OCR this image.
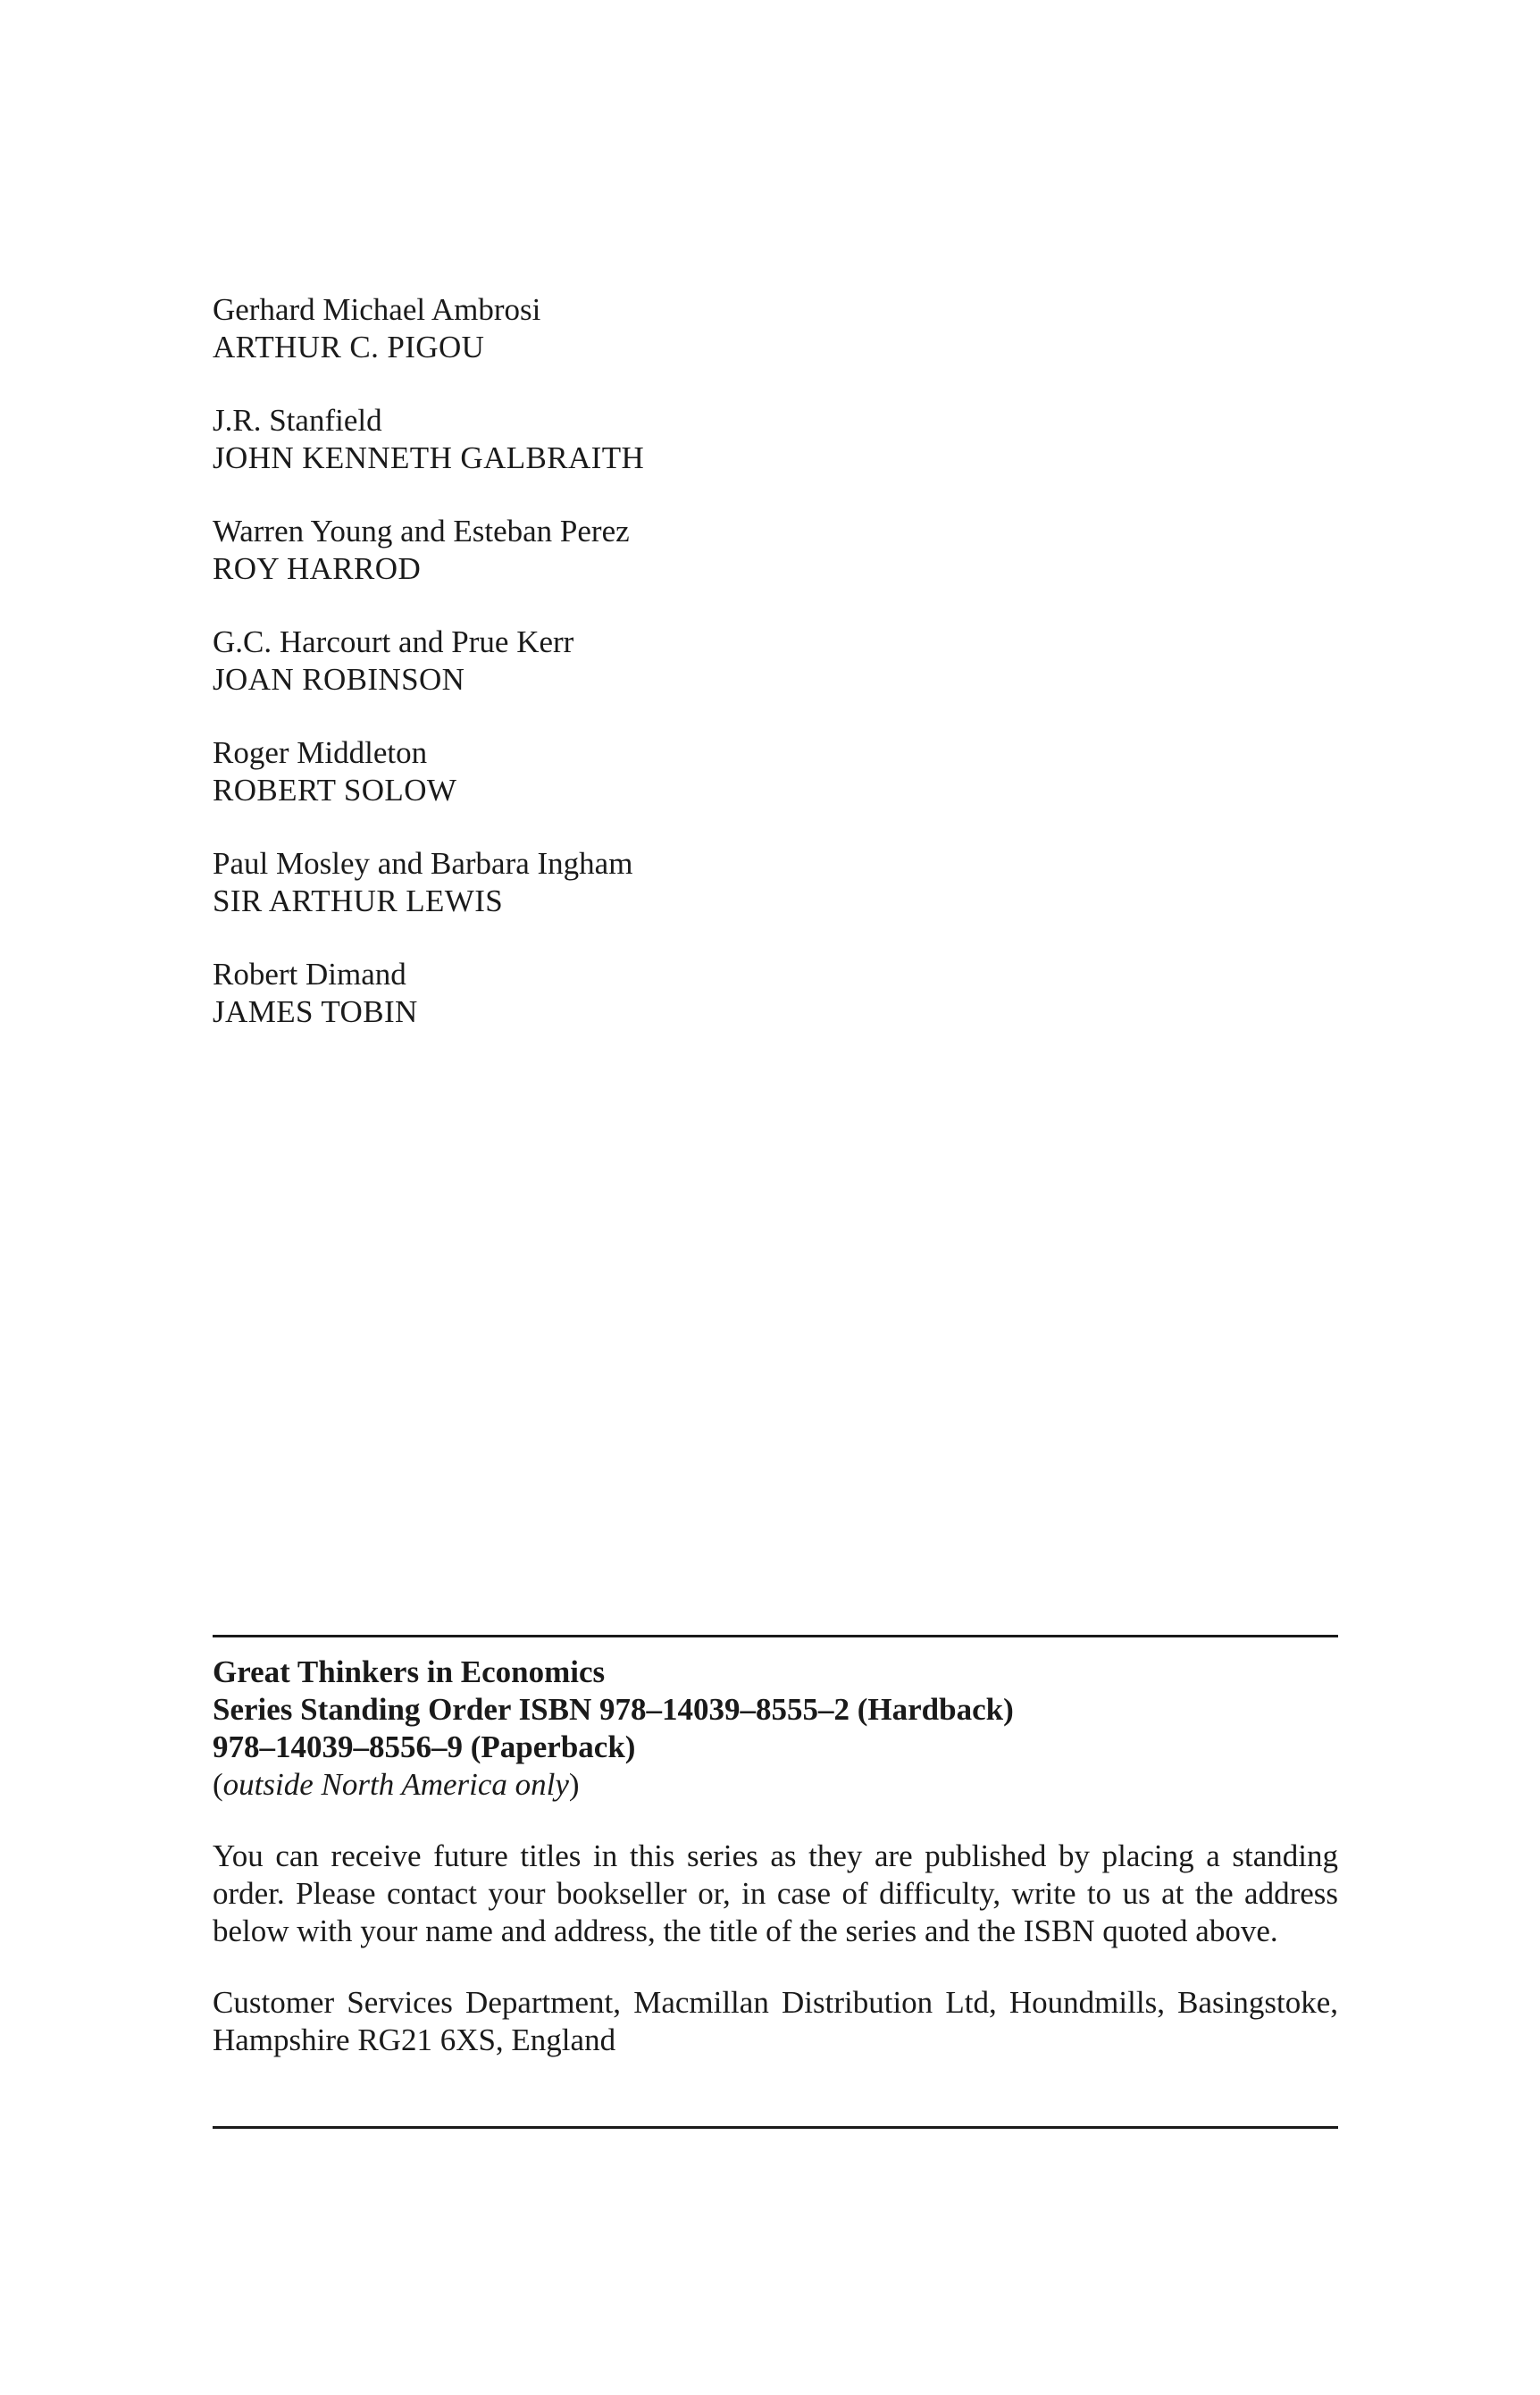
Gerhard Michael Ambrosi
ARTHUR C. PIGOU
J.R. Stanfield
JOHN KENNETH GALBRAITH
Warren Young and Esteban Perez
ROY HARROD
G.C. Harcourt and Prue Kerr
JOAN ROBINSON
Roger Middleton
ROBERT SOLOW
Paul Mosley and Barbara Ingham
SIR ARTHUR LEWIS
Robert Dimand
JAMES TOBIN
Great Thinkers in Economics
Series Standing Order ISBN 978–14039–8555–2 (Hardback)
978–14039–8556–9 (Paperback)
(outside North America only)

You can receive future titles in this series as they are published by placing a standing order. Please contact your bookseller or, in case of difficulty, write to us at the address below with your name and address, the title of the series and the ISBN quoted above.

Customer Services Department, Macmillan Distribution Ltd, Houndmills, Basingstoke, Hampshire RG21 6XS, England
